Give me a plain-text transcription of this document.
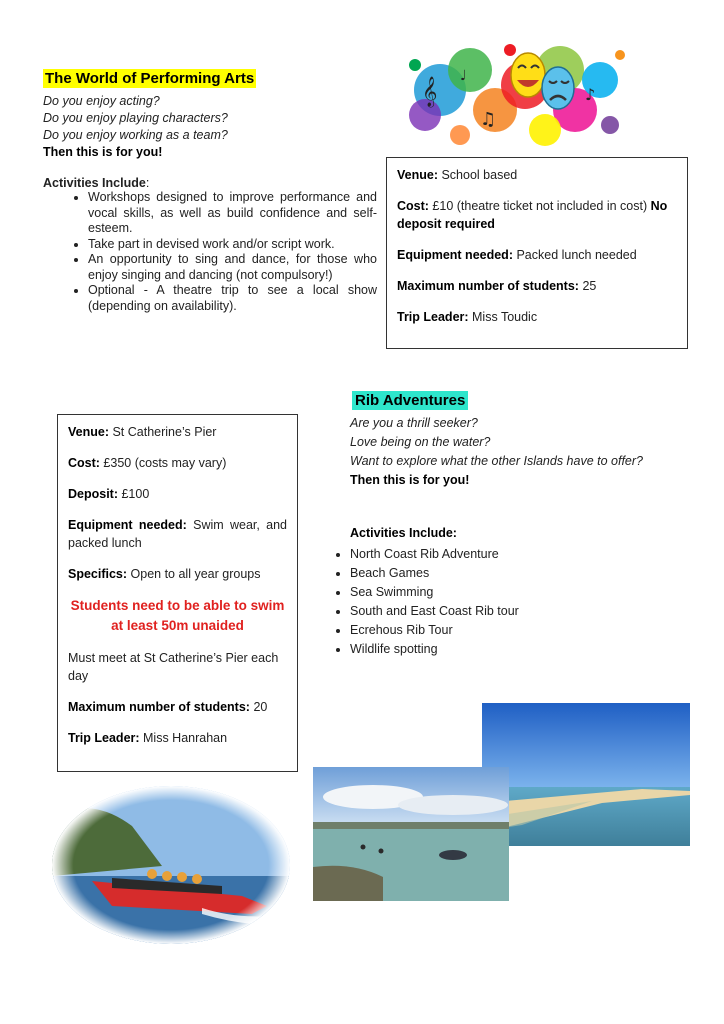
The World of Performing Arts
Do you enjoy acting?
Do you enjoy playing characters?
Do you enjoy working as a team?
Then this is for you!
Activities Include:
• Workshops designed to improve performance and vocal skills, as well as build confidence and self-esteem.
• Take part in devised work and/or script work.
• An opportunity to sing and dance, for those who enjoy singing and dancing (not compulsory!)
• Optional - A theatre trip to see a local show (depending on availability).
𝄞
♫
♪
♩

Venue: School based

Cost: £10 (theatre ticket not included in cost) No deposit required

Equipment needed: Packed lunch needed

Maximum number of students: 25

Trip Leader: Miss Toudic

Rib Adventures
Are you a thrill seeker?
Love being on the water?
Want to explore what the other Islands have to offer?
Then this is for you!
Activities Include:
• North Coast Rib Adventure
• Beach Games
• Sea Swimming
• South and East Coast Rib tour
• Ecrehous Rib Tour
• Wildlife spotting

Venue: St Catherine’s Pier

Cost: £350 (costs may vary)

Deposit: £100

Equipment needed: Swim wear, and packed lunch

Specifics: Open to all year groups

Students need to be able to swim at least 50m unaided

Must meet at St Catherine’s Pier each day

Maximum number of students: 20

Trip Leader: Miss Hanrahan
